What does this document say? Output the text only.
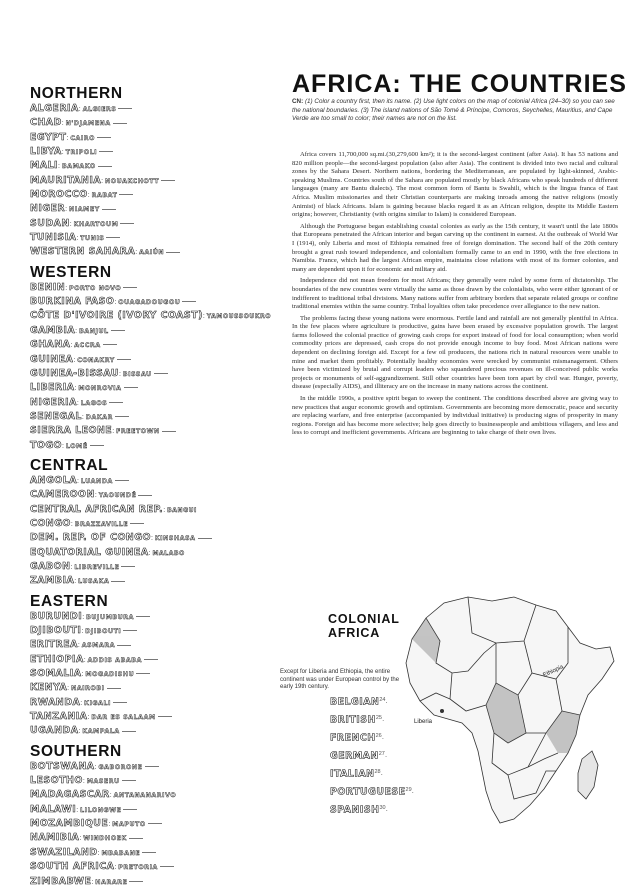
NORTHERN
ALGERIA: ALGIERS
CHAD: N'DJAMENA
EGYPT: CAIRO
LIBYA: TRIPOLI
MALI: BAMAKO
MAURITANIA: NOUAKCHOTT
MOROCCO: RABAT
NIGER: NIAMEY
SUDAN: KHARTOUM
TUNISIA: TUNIS
WESTERN SAHARA: AAIÚN
WESTERN
BENIN: PORTO NOVO
BURKINA FASO: OUAGADOUGOU
CÔTE D'IVOIRE (IVORY COAST): YAMOUSSOUKRO
GAMBIA: BANJUL
GHANA: ACCRA
GUINEA: CONAKRY
GUINEA-BISSAU: BISSAU
LIBERIA: MONROVIA
NIGERIA: LAGOS
SENEGAL: DAKAR
SIERRA LEONE: FREETOWN
TOGO: LOMÉ
CENTRAL
ANGOLA: LUANDA
CAMEROON: YAOUNDÉ
CENTRAL AFRICAN REP.: BANGUI
CONGO: BRAZZAVILLE
DEM. REP. OF CONGO: KINSHASA
EQUATORIAL GUINEA: MALABO
GABON: LIBREVILLE
ZAMBIA: LUSAKA
EASTERN
BURUNDI: BUJUMBURA
DJIBOUTI: DJIBOUTI
ERITREA: ASMARA
ETHIOPIA: ADDIS ABABA
SOMALIA: MOGADISHU
KENYA: NAIROBI
RWANDA: KIGALI
TANZANIA: DAR ES SALAAM
UGANDA: KAMPALA
SOUTHERN
BOTSWANA: GABORONE
LESOTHO: MASERU
MADAGASCAR: ANTANANARIVO
MALAWI: LILONGWE
MOZAMBIQUE: MAPUTO
NAMIBIA: WINDHOEK
SWAZILAND: MBABANE
SOUTH AFRICA: PRETORIA
ZIMBABWE: HARARE
AFRICA: THE COUNTRIES

CN: (1) Color a country first, then its name. (2) Use light colors on the map of colonial Africa (24–30) so you can see the national boundaries. (3) The island nations of São Tomé & Príncipe, Comoros, Seychelles, Mauritius, and Cape Verde are too small to color; their names are not on the list.

Africa covers 11,700,000 sq.mi.(30,279,600 km²); it is the second-largest continent (after Asia). It has 53 nations and 820 million people—the second-largest population (also after Asia). The continent is divided into two racial and cultural zones by the Sahara Desert. Northern nations, bordering the Mediterranean, are populated by light-skinned, Arabic-speaking Muslims. Countries south of the Sahara are populated mostly by black Africans who speak hundreds of different languages (many are Bantu dialects). The most common form of Bantu is Swahili, which is the lingua franca of East Africa. Muslim missionaries and their Christian counterparts are making inroads among the native religions (mostly Animist) of black Africans. Islam is gaining because blacks regard it as an African religion, despite its Middle Eastern origins; however, Christianity (with origins similar to Islam) is considered European.

Although the Portuguese began establishing coastal colonies as early as the 15th century, it wasn't until the late 1800s that Europeans penetrated the African interior and began carving up the continent in earnest. At the outbreak of World War I (1914), only Liberia and most of Ethiopia remained free of foreign domination. The second half of the 20th century brought a great rush toward independence, and colonialism formally came to an end in 1990, with the free elections in Namibia. France, which had the largest African empire, maintains close relations with most of its former colonies, and many are dependent upon it for economic and military aid.

Independence did not mean freedom for most Africans; they generally were ruled by some form of dictatorship. The boundaries of the new countries were virtually the same as those drawn by the colonialists, who were either ignorant of or indifferent to traditional tribal divisions. Many nations suffer from arbitrary borders that separate related groups or confine traditional enemies within the same country. Tribal loyalties often take precedence over allegiance to the new nation.

The problems facing these young nations were enormous. Fertile land and rainfall are not generally plentiful in Africa. In the few places where agriculture is productive, gains have been erased by excessive population growth. The largest farms followed the colonial practice of growing cash crops for export instead of food for local consumption; when world commodity prices are depressed, cash crops do not provide enough income to buy food. Most African nations were dependent on declining foreign aid. Except for a few oil producers, the nations rich in natural resources were unable to mine and market them profitably. Potentially healthy economies were wrecked by communist mismanagement. Others have been victimized by brutal and corrupt leaders who squandered precious revenues on ill-conceived public works projects or monuments of self-aggrandizement. Still other countries have been torn apart by civil war. Hunger, poverty, disease (especially AIDS), and illiteracy are on the increase in many nations across the continent.

In the middle 1990s, a positive spirit began to sweep the continent. The conditions described above are giving way to new practices that augur economic growth and optimism. Governments are becoming more democratic, peace and security are replacing warfare, and free enterprise (accompanied by individual initiative) is producing signs of prosperity in many regions. Foreign aid has become more selective; help goes directly to businesspeople and ambitious villagers, and less and less to corrupt and inefficient governments. Africans are beginning to take charge of their own lives.

Liberia
Ethiopia
COLONIAL
AFRICA

Except for Liberia and Ethiopia, the entire continent was under European control by the early 19th century.

$BELGIAN^{24}\cdot$
$BRITISH^{25}\cdot$
$FRENCH^{26}\cdot$
$GERMAN^{27}\cdot$
$ITALIAN^{28}\cdot$
$PORTUGUESE^{29}\cdot$
$SPANISH^{30}\cdot$
